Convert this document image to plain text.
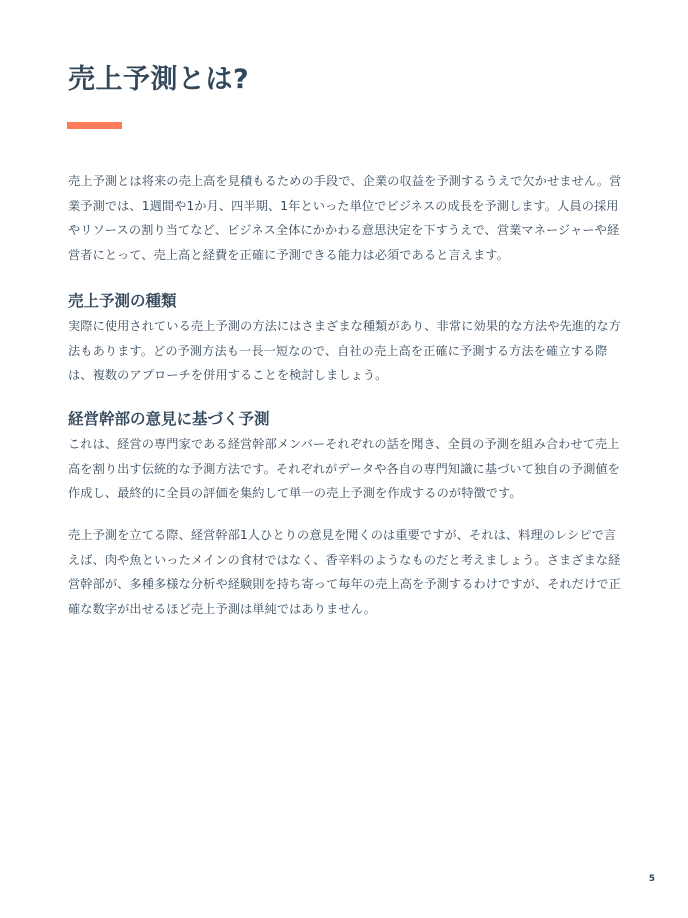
売上予測とは?

売上予測とは将来の売上高を見積もるための手段で、企業の収益を予測するうえで欠かせません。営業予測では、1週間や1か月、四半期、1年といった単位でビジネスの成長を予測します。人員の採用やリソースの割り当てなど、ビジネス全体にかかわる意思決定を下すうえで、営業マネージャーや経営者にとって、売上高と経費を正確に予測できる能力は必須であると言えます。

売上予測の種類

実際に使用されている売上予測の方法にはさまざまな種類があり、非常に効果的な方法や先進的な方法もあります。どの予測方法も一長一短なので、自社の売上高を正確に予測する方法を確立する際は、複数のアプローチを併用することを検討しましょう。

経営幹部の意見に基づく予測

これは、経営の専門家である経営幹部メンバーそれぞれの話を聞き、全員の予測を組み合わせて売上高を割り出す伝統的な予測方法です。それぞれがデータや各自の専門知識に基づいて独自の予測値を作成し、最終的に全員の評価を集約して単一の売上予測を作成するのが特徴です。

売上予測を立てる際、経営幹部1人ひとりの意見を聞くのは重要ですが、それは、料理のレシピで言えば、肉や魚といったメインの食材ではなく、香辛料のようなものだと考えましょう。さまざまな経営幹部が、多種多様な分析や経験則を持ち寄って毎年の売上高を予測するわけですが、それだけで正確な数字が出せるほど売上予測は単純ではありません。

5
